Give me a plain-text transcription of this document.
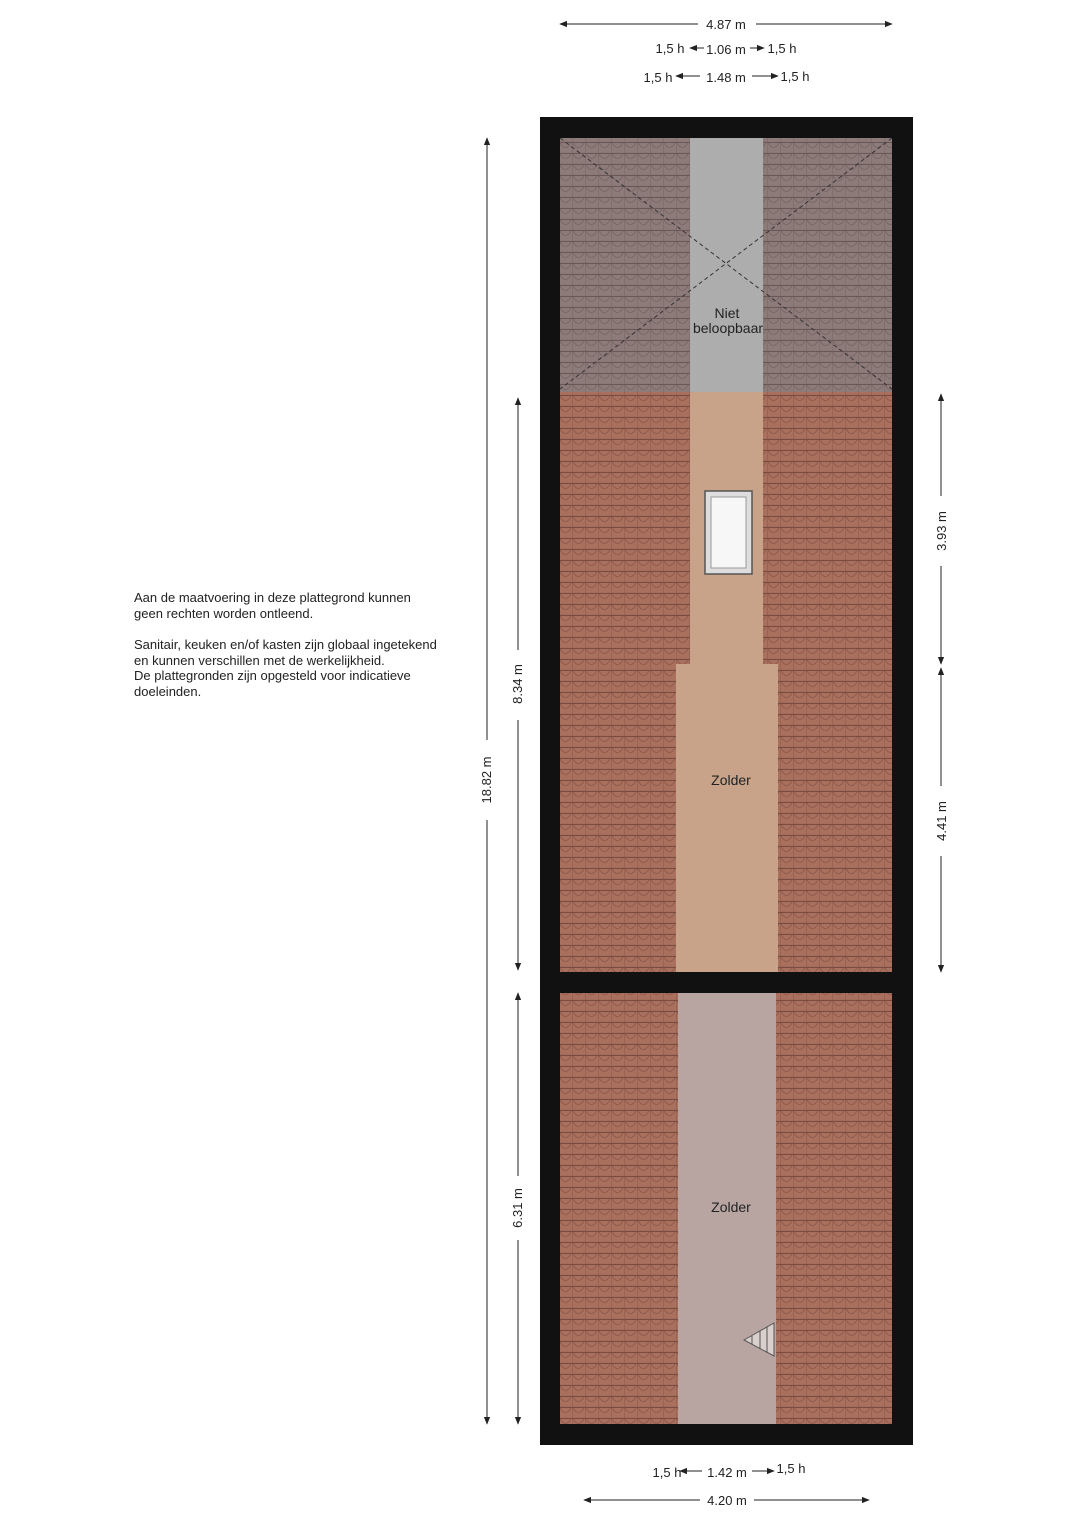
Niet
beloopbaar
Zolder
Zolder
4.87 m
1,5 h 1.06 m 1,5 h
1,5 h	1.48 m	1,5 h
1,5 h 1.42 m 1,5 h
4.20 m
18.82 m
8.34 m
6.31 m
3.93 m
4.41 m

Aan de maatvoering in deze plattegrond kunnen
geen rechten worden ontleend.

Sanitair, keuken en/of kasten zijn globaal ingetekend
en kunnen verschillen met de werkelijkheid.
De plattegronden zijn opgesteld voor indicatieve
doeleinden.
